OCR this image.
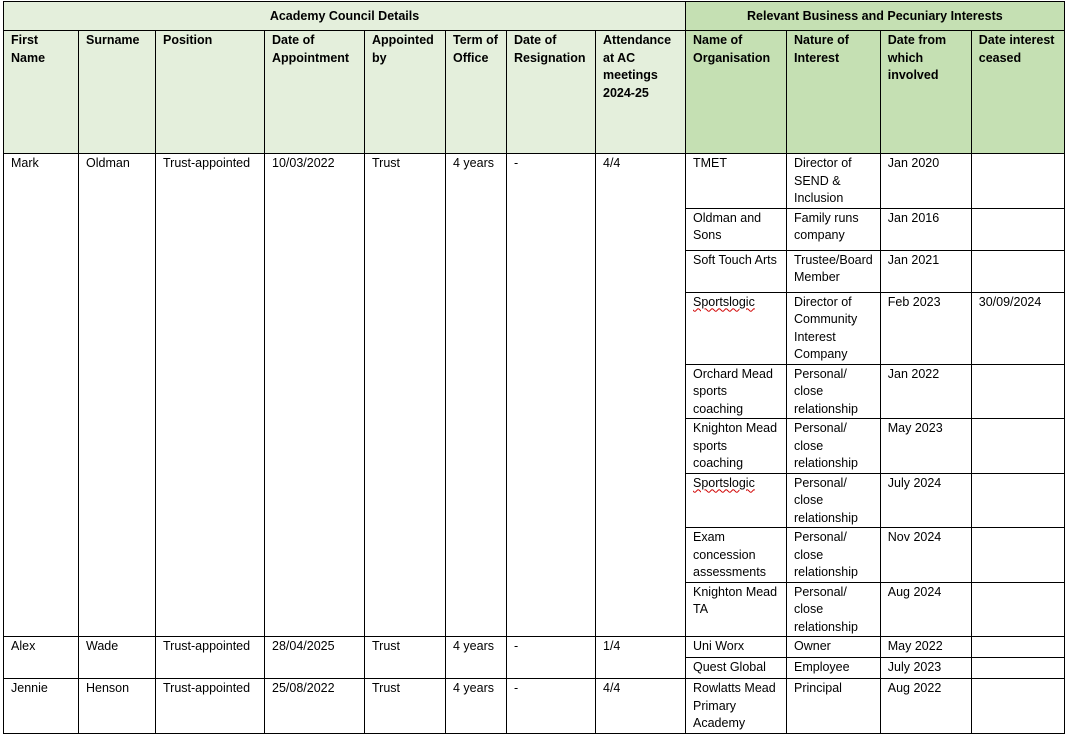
Academy Council Details								Relevant Business and Pecuniary Interests			
First Name	Surname	Position	Date of Appointment	Appointed by	Term of Office	Date of Resignation	Attendance at AC meetings 2024-25	Name of Organisation	Nature of Interest	Date from which involved	Date interest ceased
Mark	Oldman	Trust-appointed	10/03/2022	Trust	4 years	-	4/4	TMET	Director of SEND & Inclusion	Jan 2020	
								Oldman and Sons	Family runs company	Jan 2016	
								Soft Touch Arts	Trustee/Board Member	Jan 2021	
								Sportslogic	Director of Community Interest Company	Feb 2023	30/09/2024
								Orchard Mead sports coaching	Personal/ close relationship	Jan 2022	
								Knighton Mead sports coaching	Personal/ close relationship	May 2023	
								Sportslogic	Personal/ close relationship	July 2024	
								Exam concession assessments	Personal/ close relationship	Nov 2024	
								Knighton Mead TA	Personal/ close relationship	Aug 2024	
Alex	Wade	Trust-appointed	28/04/2025	Trust	4 years	-	1/4	Uni Worx	Owner	May 2022	
								Quest Global	Employee	July 2023	
Jennie	Henson	Trust-appointed	25/08/2022	Trust	4 years	-	4/4	Rowlatts Mead Primary Academy	Principal	Aug 2022	
